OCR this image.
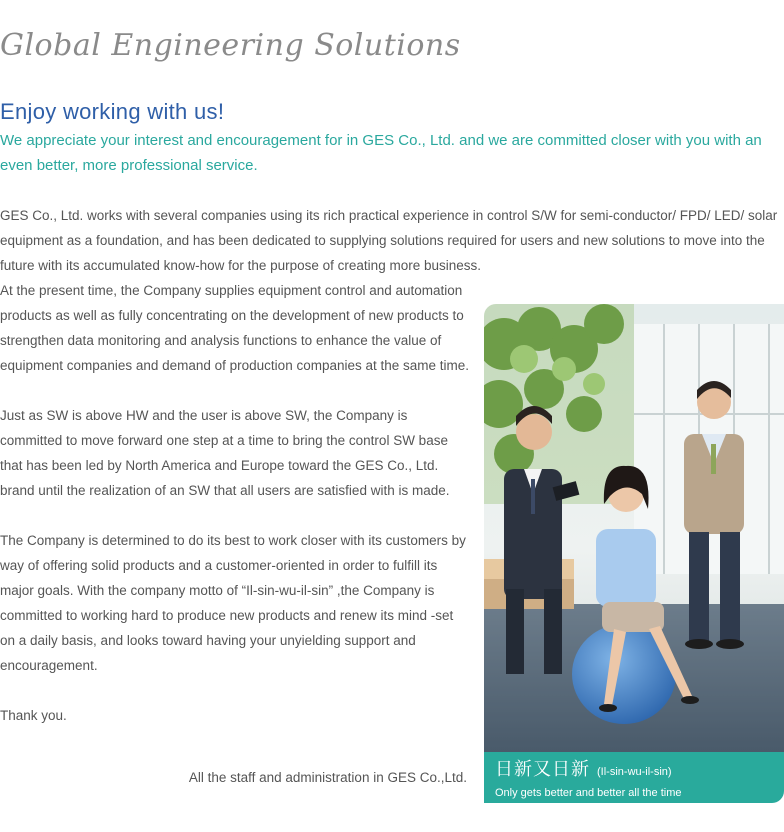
Global Engineering Solutions
Enjoy working with us!
We appreciate your interest and encouragement for in GES Co., Ltd. and we are committed closer with you with an even better, more professional service.
GES Co., Ltd. works with several companies using its rich practical experience in control S/W for semi-conductor/ FPD/ LED/ solar equipment as a foundation, and has been dedicated to supplying solutions required for users and new solutions to move into the future with its accumulated know-how for the purpose of creating more business.

At the present time, the Company supplies equipment control and automation products as well as fully concentrating on the development of new products to strengthen data monitoring and analysis functions to enhance the value of equipment companies and demand of production companies at the same time.

Just as SW is above HW and the user is above SW, the Company is committed to move forward one step at a time to bring the control SW base that has been led by North America and Europe toward the GES Co., Ltd. brand until the realization of an SW that all users are satisfied with is made.

The Company is determined to do its best to work closer with its customers by way of offering solid products and a customer-oriented in order to fulfill its major goals. With the company motto of “Il-sin-wu-il-sin” ,the Company is committed to working hard to produce new products and renew its mind -set on a daily basis, and looks toward having your unyielding support and encouragement.

Thank you.

All the staff and administration in GES Co.,Ltd. 日新又日新 (Il-sin-wu-il-sin)
Only gets better and better all the time
